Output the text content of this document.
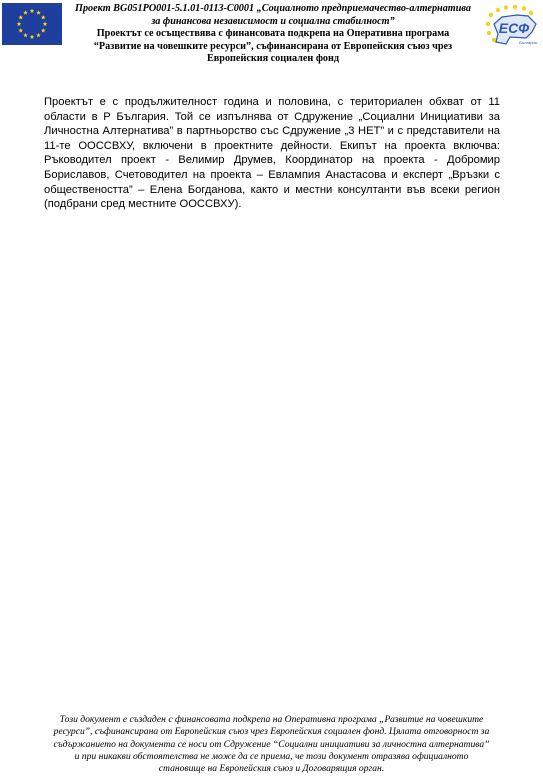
Проект BG051PO001-5.1.01-0113-C0001 „Социалното предприемачество-алтернатива
за финансова независимост и социална стабилност”
Проектът се осъществява с финансовата подкрепа на Оперативна програма
“Развитие на човешките ресурси”, съфинансирана от Европейския съюз чрез
Европейския социален фонд
ЕСФ
България

Проектът е с продължителност година и половина, с териториален обхват от 11 области в Р България. Той се изпълнява от Сдружение „Социални Инициативи за Личностна Алтернатива” в партньорство със Сдружение „3 НЕТ” и с представители на 11-те ООССВХУ, включени в проектните дейности. Екипът на проекта включва: Ръководител проект - Велимир Друмев, Координатор на проекта - Добромир Бориславов, Счетоводител на проекта – Евлампия Анастасова и експерт „Връзки с обществеността” – Елена Богданова, както и местни консултанти във всеки регион (подбрани сред местните ООССВХУ).

Този документ е създаден с финансовата подкрепа на Оперативна програма „Развитие на човешките
ресурси”, съфинансирана от Европейския съюз чрез Европейския социален фонд. Цялата отговорност за
съдържанието на документа се носи от Сдружение “Социални инициативи за личностна алтернатива”
и при никакви обстоятелства не може да се приема, че този документ отразява официалното
становище на Европейския съюз и Договарящия орган.
